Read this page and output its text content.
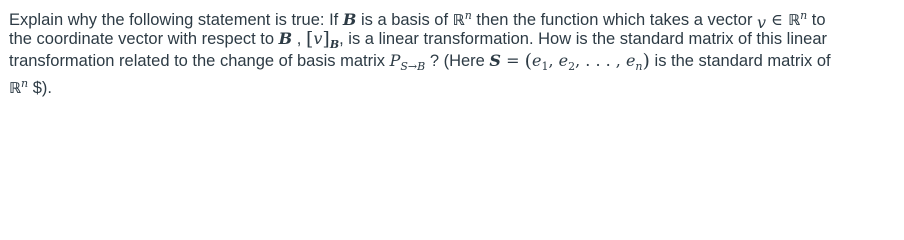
Explain why the following statement is true: If B is a basis of ℝ$^n$ then the function which takes a vector v ∈ ℝ$^n$ to
the coordinate vector with respect to B , $[v]_B$, is a linear transformation. How is the standard matrix of this linear
transformation related to the change of basis matrix $P_{S\to B}$ ? (Here $S = (e_1$, $e_2$, . . . , $e_n$) is the standard matrix of
ℝ$^n$ $).
